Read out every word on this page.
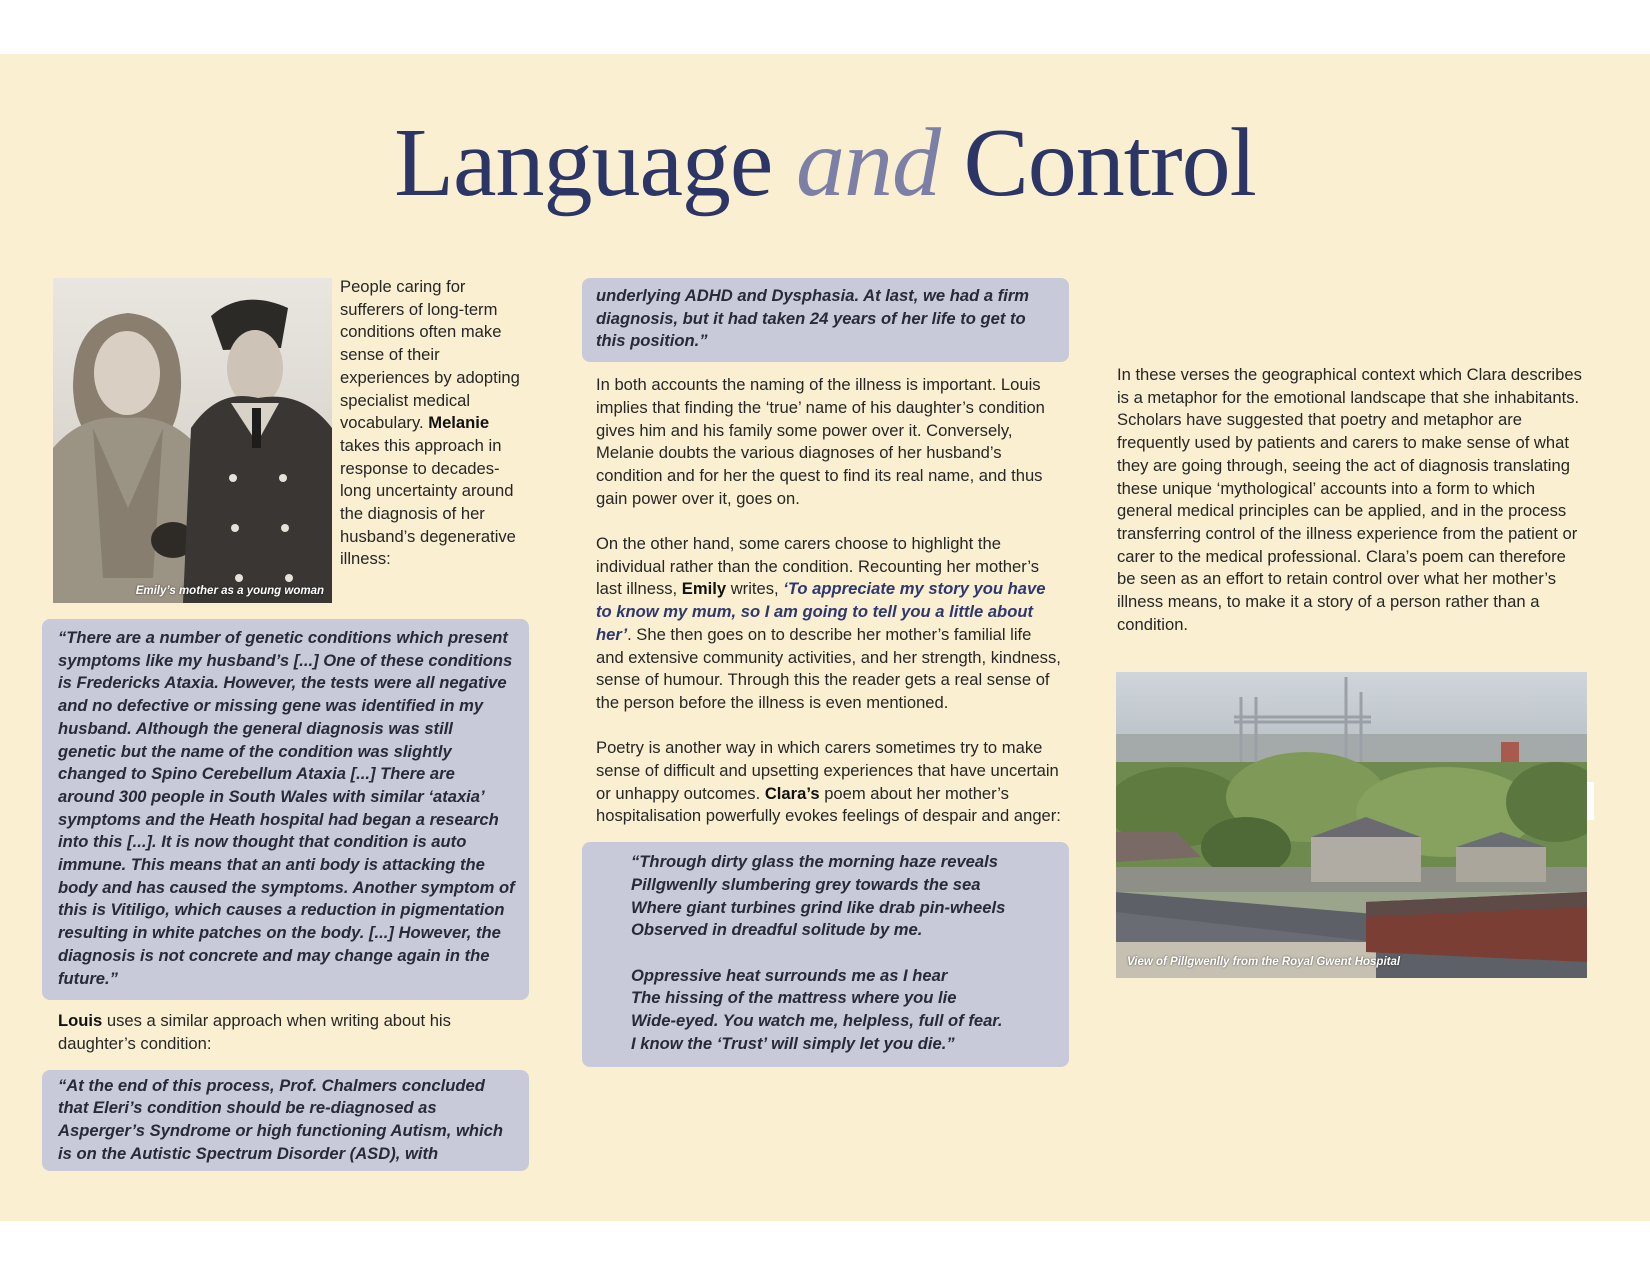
Language and Control
Emily’s mother as a young woman
People caring for sufferers of long-term conditions often make sense of their experiences by adopting specialist medical vocabulary. Melanie takes this approach in response to decades-long uncertainty around the diagnosis of her husband’s degenerative illness:

“There are a number of genetic conditions which present symptoms like my husband’s [...] One of these conditions is Fredericks Ataxia. However, the tests were all negative and no defective or missing gene was identified in my husband. Although the general diagnosis was still genetic but the name of the condition was slightly changed to Spino Cerebellum Ataxia [...] There are around 300 people in South Wales with similar ‘ataxia’ symptoms and the Heath hospital had began a research into this [...]. It is now thought that condition is auto immune. This means that an anti body is attacking the body and has caused the symptoms. Another symptom of this is Vitiligo, which causes a reduction in pigmentation resulting in white patches on the body. [...] However, the diagnosis is not concrete and may change again in the future.”

Louis uses a similar approach when writing about his daughter’s condition:

“At the end of this process, Prof. Chalmers concluded that Eleri’s condition should be re-diagnosed as Asperger’s Syndrome or high functioning Autism, which is on the Autistic Spectrum Disorder (ASD), with

underlying ADHD and Dysphasia. At last, we had a firm diagnosis, but it had taken 24 years of her life to get to this position.”

In both accounts the naming of the illness is important. Louis implies that finding the ‘true’ name of his daughter’s condition gives him and his family some power over it. Conversely, Melanie doubts the various diagnoses of her husband’s condition and for her the quest to find its real name, and thus gain power over it, goes on.

On the other hand, some carers choose to highlight the individual rather than the condition. Recounting her mother’s last illness, Emily writes, ‘To appreciate my story you have to know my mum, so I am going to tell you a little about her’. She then goes on to describe her mother’s familial life and extensive community activities, and her strength, kindness, sense of humour. Through this the reader gets a real sense of the person before the illness is even mentioned.

Poetry is another way in which carers sometimes try to make sense of difficult and upsetting experiences that have uncertain or unhappy outcomes. Clara’s poem about her mother’s hospitalisation powerfully evokes feelings of despair and anger:

“Through dirty glass the morning haze reveals
Pillgwenlly slumbering grey towards the sea
Where giant turbines grind like drab pin-wheels
Observed in dreadful solitude by me.
Oppressive heat surrounds me as I hear
The hissing of the mattress where you lie
Wide-eyed. You watch me, helpless, full of fear.
I know the ‘Trust’ will simply let you die.”

In these verses the geographical context which Clara describes is a metaphor for the emotional landscape that she inhabitants. Scholars have suggested that poetry and metaphor are frequently used by patients and carers to make sense of what they are going through, seeing the act of diagnosis translating these unique ‘mythological’ accounts into a form to which general medical principles can be applied, and in the process transferring control of the illness experience from the patient or carer to the medical professional. Clara’s poem can therefore be seen as an effort to retain control over what her mother’s illness means, to make it a story of a person rather than a condition.

View of Pillgwenlly from the Royal Gwent Hospital
